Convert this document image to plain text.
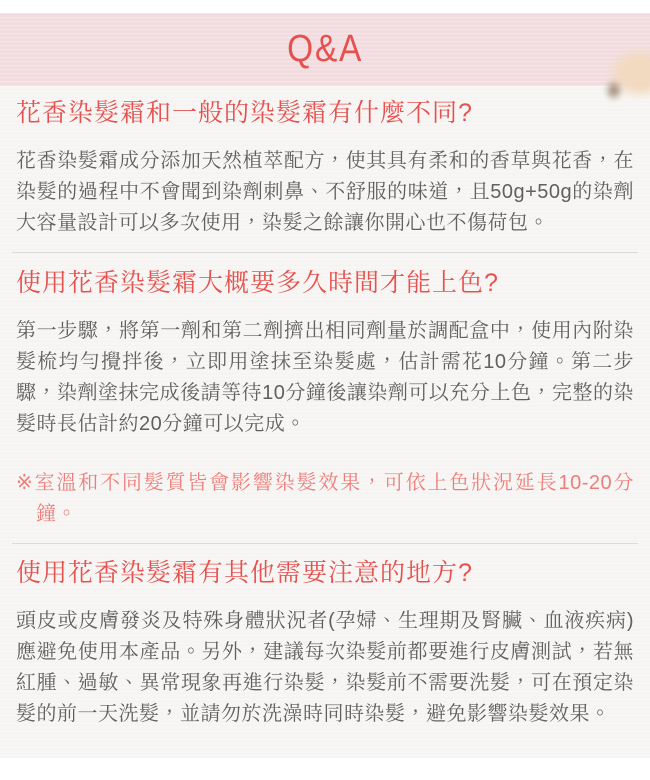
Q&A
花香染髮霜和一般的染髮霜有什麼不同?

花香染髮霜成分添加天然植萃配方，使其具有柔和的香草與花香，在染髮的過程中不會聞到染劑刺鼻、不舒服的味道，且50g+50g的染劑大容量設計可以多次使用，染髮之餘讓你開心也不傷荷包。

使用花香染髮霜大概要多久時間才能上色?

第一步驟，將第一劑和第二劑擠出相同劑量於調配盒中，使用內附染髮梳均勻攪拌後，立即用塗抹至染髮處，估計需花10分鐘。第二步驟，染劑塗抹完成後請等待10分鐘後讓染劑可以充分上色，完整的染髮時長估計約20分鐘可以完成。

※室溫和不同髮質皆會影響染髮效果，可依上色狀況延長10-20分鐘。

使用花香染髮霜有其他需要注意的地方?

頭皮或皮膚發炎及特殊身體狀況者(孕婦、生理期及腎臟、血液疾病)應避免使用本產品。另外，建議每次染髮前都要進行皮膚測試，若無紅腫、過敏、異常現象再進行染髮，染髮前不需要洗髮，可在預定染髮的前一天洗髮，並請勿於洗澡時同時染髮，避免影響染髮效果。
